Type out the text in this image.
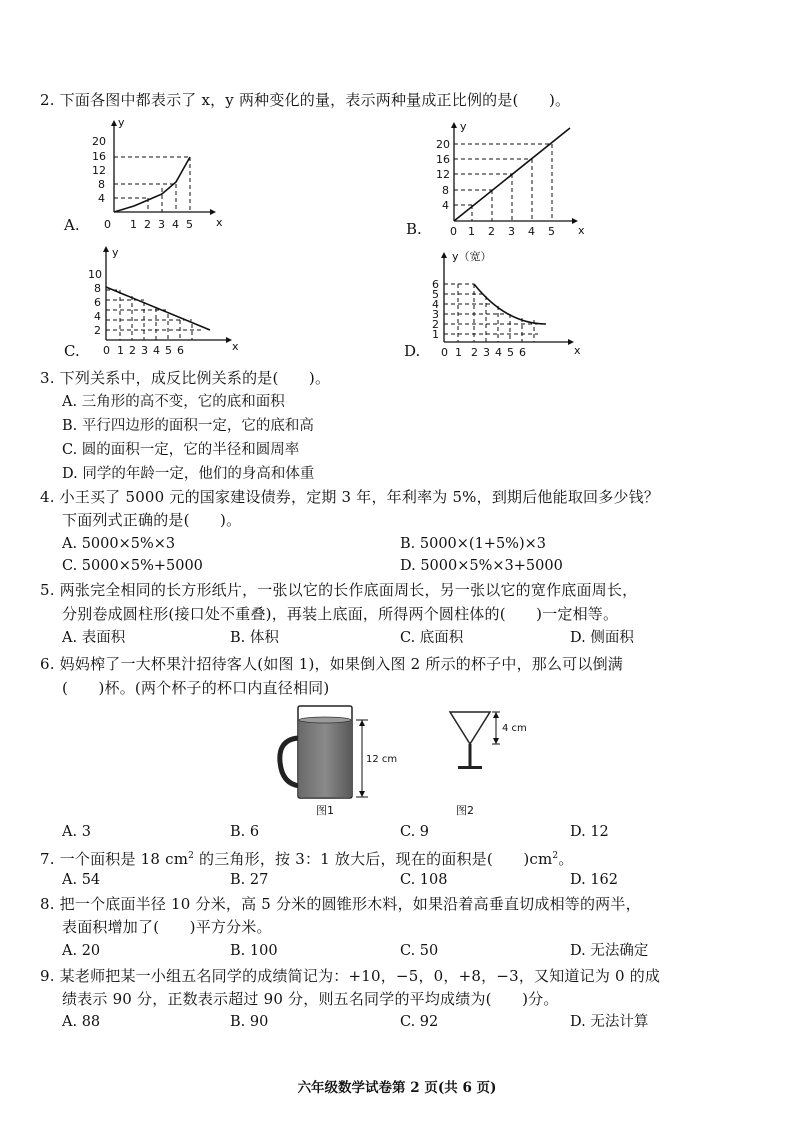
2. 下面各图中都表示了 x，y 两种变化的量，表示两种量成正比例的是(　　)。
y
x
20
16
12
8
4
0 1 2 3 4 5
A.
y
x
20
16
12
8
4
0 1 2 3 4 5
B.
y
x
10
8
6
4
2
0 1 2 3 4 5 6
C.
y（宽）
x
6
5
4
3
2
1
0 1 2 3 4 5 6
D.
3. 下列关系中，成反比例关系的是(　　)。
A. 三角形的高不变，它的底和面积
B. 平行四边形的面积一定，它的底和高
C. 圆的面积一定，它的半径和圆周率
D. 同学的年龄一定，他们的身高和体重
4. 小王买了 5000 元的国家建设债券，定期 3 年，年利率为 5%，到期后他能取回多少钱？
下面列式正确的是(　　)。
A. 5000×5%×3	B. 5000×(1+5%)×3
C. 5000×5%+5000	D. 5000×5%×3+5000
5. 两张完全相同的长方形纸片，一张以它的长作底面周长，另一张以它的宽作底面周长，
分别卷成圆柱形(接口处不重叠)，再装上底面，所得两个圆柱体的(　　)一定相等。
A. 表面积	B. 体积	C. 底面积	D. 侧面积
6. 妈妈榨了一大杯果汁招待客人(如图 1)，如果倒入图 2 所示的杯子中，那么可以倒满
(　　)杯。(两个杯子的杯口内直径相同)
12 cm
图1
4 cm
图2
A. 3	B. 6	C. 9	D. 12
7. 一个面积是 18 $cm^2$ 的三角形，按 3：1 放大后，现在的面积是(　　)$cm^2$。
A. 54	B. 27	C. 108	D. 162
8. 把一个底面半径 10 分米，高 5 分米的圆锥形木料，如果沿着高垂直切成相等的两半，
表面积增加了(　　)平方分米。
A. 20	B. 100	C. 50	D. 无法确定
9. 某老师把某一小组五名同学的成绩简记为：+10，−5，0，+8，−3，又知道记为 0 的成
绩表示 90 分，正数表示超过 90 分，则五名同学的平均成绩为(　　)分。
A. 88	B. 90	C. 92	D. 无法计算
六年级数学试卷第 2 页(共 6 页)
